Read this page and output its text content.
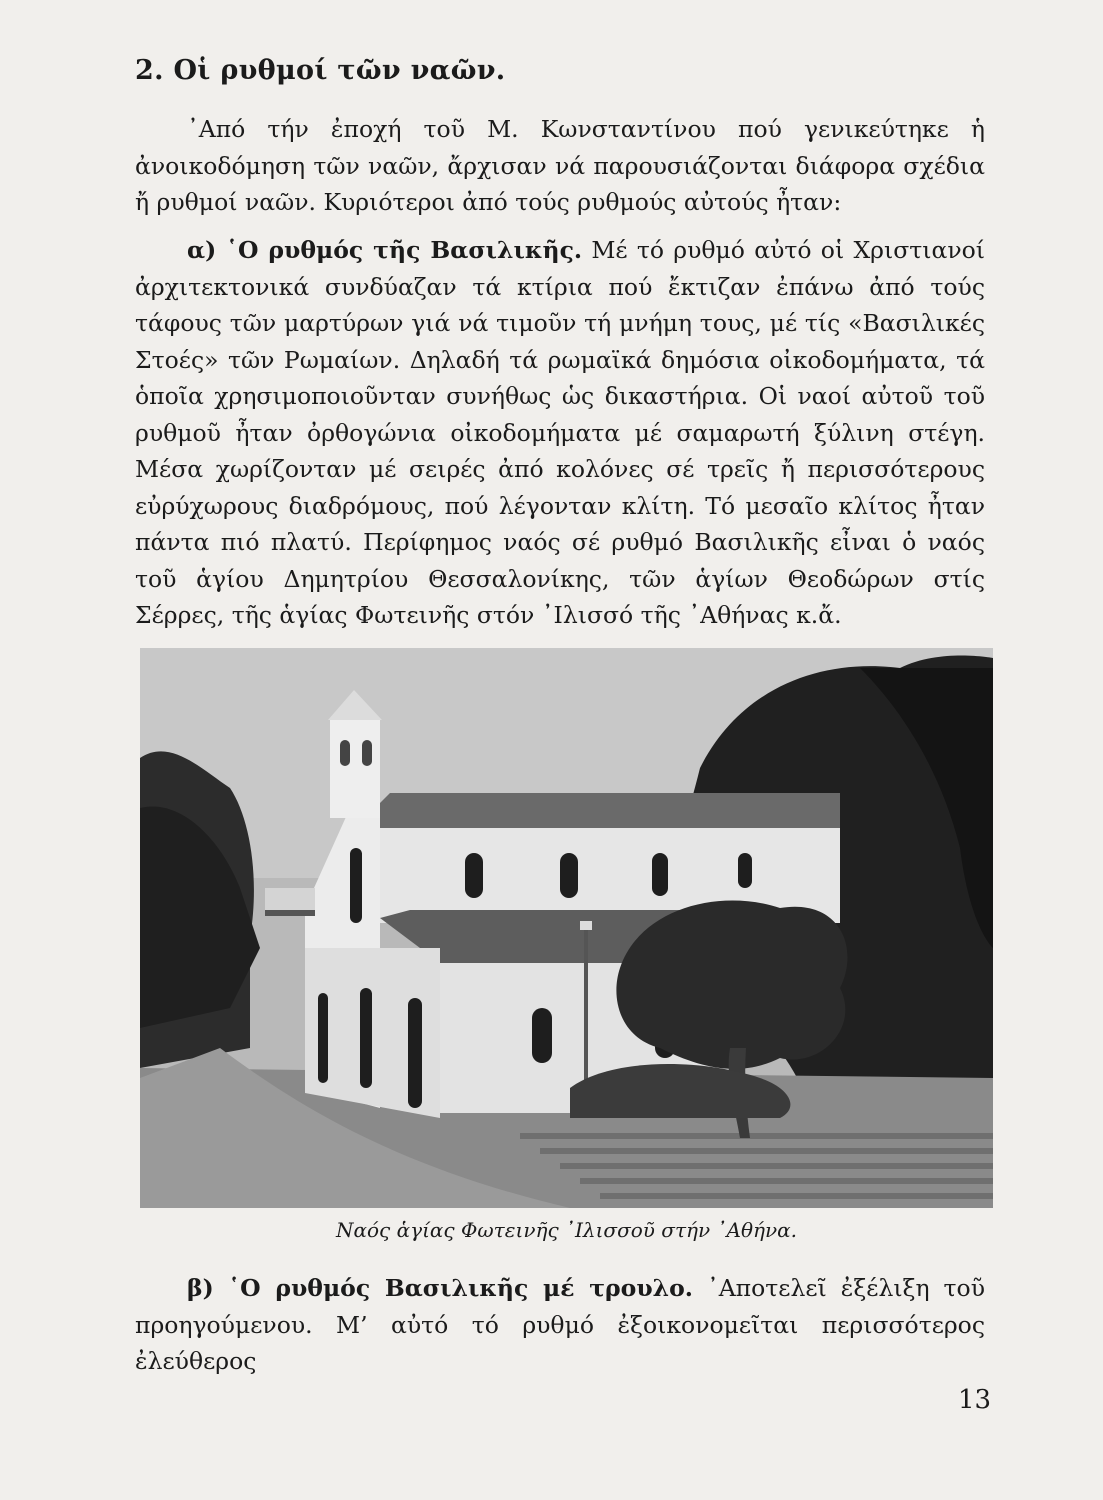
2. Οἱ ρυθμοί τῶν ναῶν.

᾿Από τήν ἐποχή τοῦ Μ. Κωνσταντίνου πού γενικεύτηκε ἡ ἀνοικοδόμηση τῶν ναῶν, ἄρχισαν νά παρουσιάζονται διάφορα σχέδια ἤ ρυθμοί ναῶν. Κυριότεροι ἀπό τούς ρυθμούς αὐτούς ἦταν:

α) ῾Ο ρυθμός τῆς Βασιλικῆς. Μέ τό ρυθμό αὐτό οἱ Χριστιανοί ἀρχιτεκτονικά συνδύαζαν τά κτίρια πού ἔκτιζαν ἐπάνω ἀπό τούς τάφους τῶν μαρτύρων γιά νά τιμοῦν τή μνήμη τους, μέ τίς «Βασιλικές Στοές» τῶν Ρωμαίων. Δηλαδή τά ρωμαϊκά δημόσια οἰκοδομήματα, τά ὁποῖα χρησιμοποιοῦνταν συνήθως ὡς δικαστήρια. Οἱ ναοί αὐτοῦ τοῦ ρυθμοῦ ἦταν ὀρθογώνια οἰκοδομήματα μέ σαμαρωτή ξύλινη στέγη. Μέσα χωρίζονταν μέ σειρές ἀπό κολόνες σέ τρεῖς ἤ περισσότερους εὐρύχωρους διαδρόμους, πού λέγονταν κλίτη. Τό μεσαῖο κλίτος ἦταν πάντα πιό πλατύ. Περίφημος ναός σέ ρυθμό Βασιλικῆς εἶναι ὁ ναός τοῦ ἁγίου Δημητρίου Θεσσαλονίκης, τῶν ἁγίων Θεοδώρων στίς Σέρρες, τῆς ἁγίας Φωτεινῆς στόν ᾿Ιλισσό τῆς ᾿Αθήνας κ.ἄ.

Ναός ἁγίας Φωτεινῆς ᾿Ιλισσοῦ στήν ᾿Αθήνα.

β) ῾Ο ρυθμός Βασιλικῆς μέ τρουλο. ᾿Αποτελεῖ ἐξέλιξη τοῦ προηγούμενου. Μ’ αὐτό τό ρυθμό ἐξοικονομεῖται περισσότερος ἐλεύθερος

13
